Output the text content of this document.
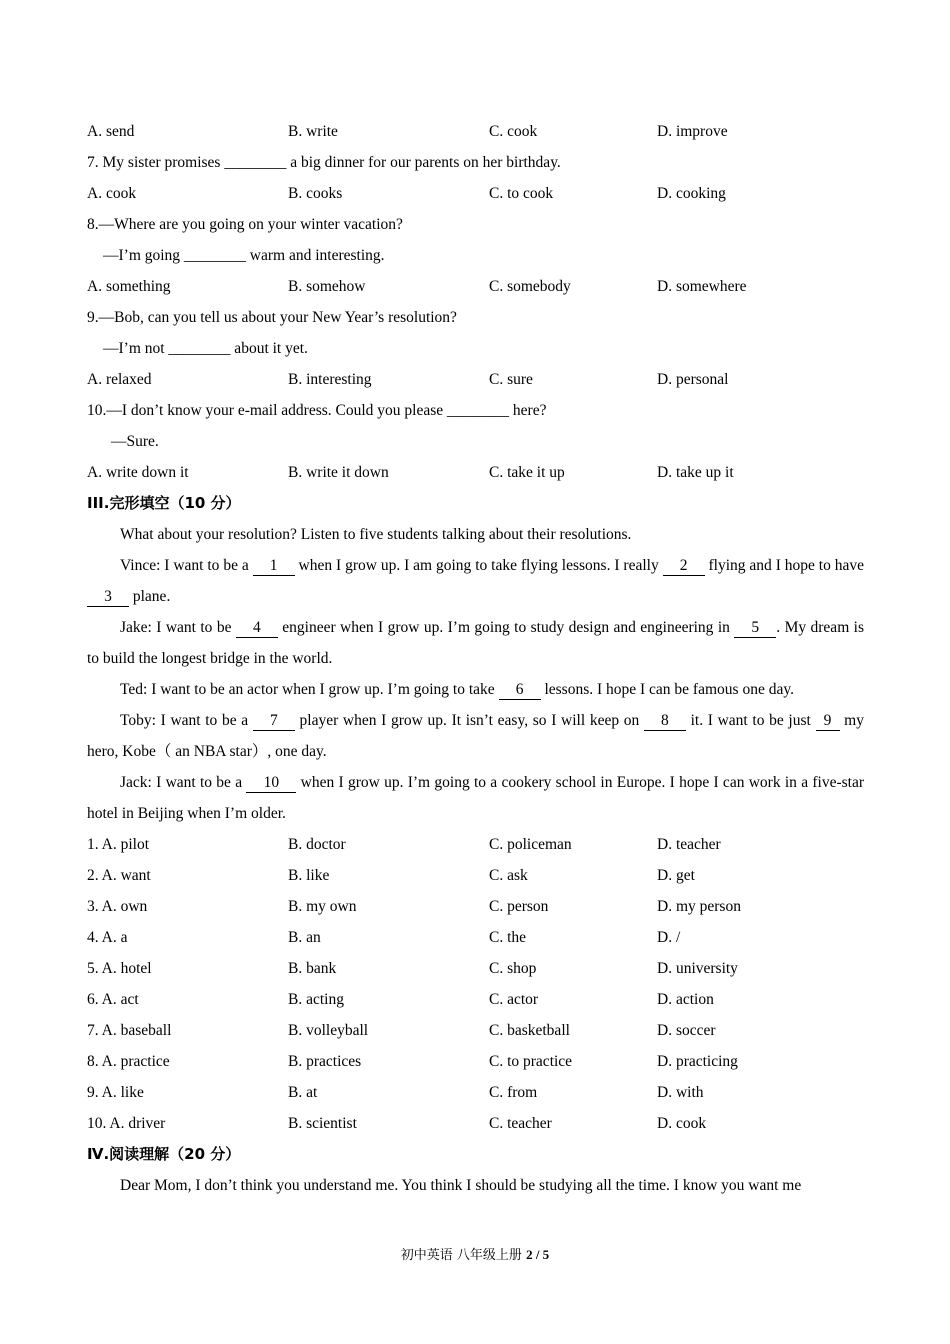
A. send	B. write	C. cook	D. improve
7. My sister promises ________ a big dinner for our parents on her birthday.
A. cook	B. cooks	C. to cook	D. cooking
8.—Where are you going on your winter vacation?
—I’m going ________ warm and interesting.
A. something	B. somehow	C. somebody	D. somewhere
9.—Bob, can you tell us about your New Year’s resolution?
—I’m not ________ about it yet.
A. relaxed	B. interesting	C. sure	D. personal
10.—I don’t know your e-mail address. Could you please ________ here?
—Sure.
A. write down it	B. write it down	C. take it up	D. take up it
III.完形填空（10 分）
What about your resolution? Listen to five students talking about their resolutions.
Vince: I want to be a 1 when I grow up. I am going to take flying lessons. I really 2 flying and I hope to have 3 plane.
Jake: I want to be 4 engineer when I grow up. I’m going to study design and engineering in 5 . My dream is to build the longest bridge in the world.
Ted: I want to be an actor when I grow up. I’m going to take 6 lessons. I hope I can be famous one day.
Toby: I want to be a 7 player when I grow up. It isn’t easy, so I will keep on 8 it. I want to be just 9 my hero, Kobe（ an NBA star）, one day.
Jack: I want to be a 10 when I grow up. I’m going to a cookery school in Europe. I hope I can work in a five-star hotel in Beijing when I’m older.
1. A. pilot	B. doctor	C. policeman	D. teacher
2. A. want	B. like	C. ask	D. get
3. A. own	B. my own	C. person	D. my person
4. A. a	B. an	C. the	D. /
5. A. hotel	B. bank	C. shop	D. university
6. A. act	B. acting	C. actor	D. action
7. A. baseball	B. volleyball	C. basketball	D. soccer
8. A. practice	B. practices	C. to practice	D. practicing
9. A. like	B. at	C. from	D. with
10. A. driver	B. scientist	C. teacher	D. cook
Ⅳ.阅读理解（20 分）
Dear Mom, I don’t think you understand me. You think I should be studying all the time. I know you want me
初中英语 八年级上册 2 / 5
